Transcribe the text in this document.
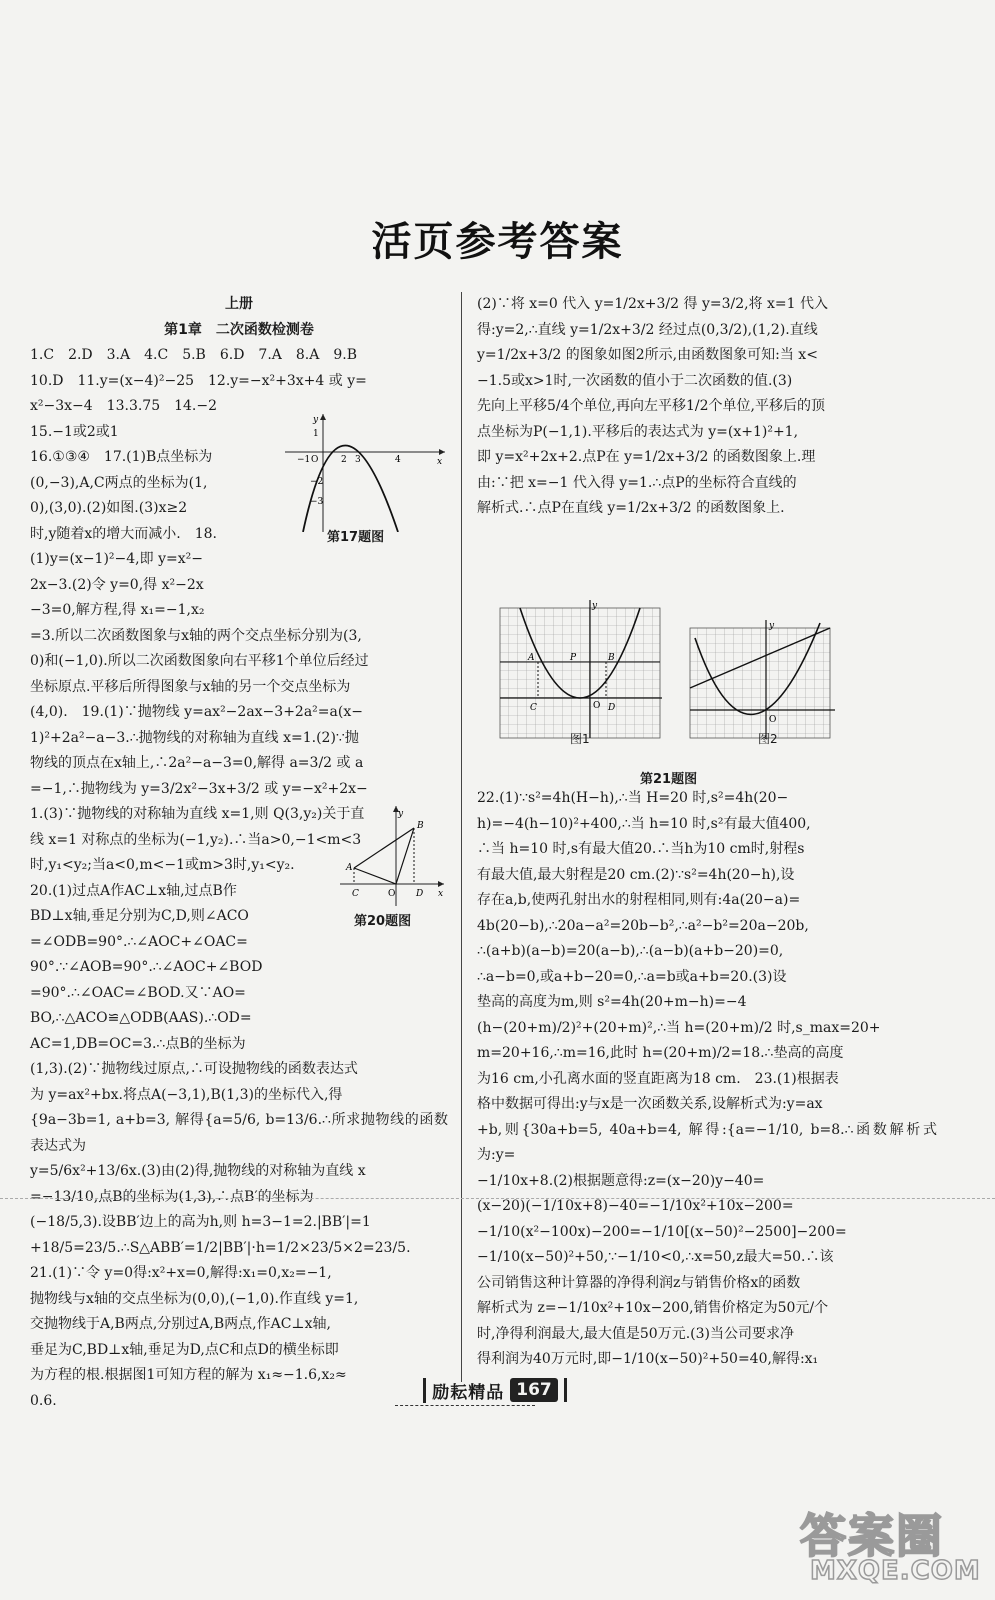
活页参考答案

上册

第1章　二次函数检测卷

1.C　2.D　3.A　4.C　5.B　6.D　7.A　8.A　9.B

10.D　11.y=(x−4)²−25　12.y=−x²+3x+4 或 y=

x²−3x−4　13.3.75　14.−2

15.−1或2或1

16.①③④　17.(1)B点坐标为

(0,−3),A,C两点的坐标为(1,

0),(3,0).(2)如图.(3)x≥2

时,y随着x的增大而减小.　18.

(1)y=(x−1)²−4,即 y=x²−

2x−3.(2)令 y=0,得 x²−2x

−3=0,解方程,得 x₁=−1,x₂

=3.所以二次函数图象与x轴的两个交点坐标分别为(3,

0)和(−1,0).所以二次函数图象向右平移1个单位后经过

坐标原点.平移后所得图象与x轴的另一个交点坐标为

(4,0).　19.(1)∵抛物线 y=ax²−2ax−3+2a²=a(x−

1)²+2a²−a−3.∴抛物线的对称轴为直线 x=1.(2)∵抛

物线的顶点在x轴上,∴2a²−a−3=0,解得 a=3/2 或 a

=−1,∴抛物线为 y=3/2x²−3x+3/2 或 y=−x²+2x−

1.(3)∵抛物线的对称轴为直线 x=1,则 Q(3,y₂)关于直

线 x=1 对称点的坐标为(−1,y₂).∴当a>0,−1<m<3

时,y₁<y₂;当a<0,m<−1或m>3时,y₁<y₂.

20.(1)过点A作AC⊥x轴,过点B作

BD⊥x轴,垂足分别为C,D,则∠ACO

=∠ODB=90°.∴∠AOC+∠OAC=

90°.∵∠AOB=90°.∴∠AOC+∠BOD

=90°.∴∠OAC=∠BOD.又∵AO=

BO,∴△ACO≌△ODB(AAS).∴OD=

AC=1,DB=OC=3.∴点B的坐标为

(1,3).(2)∵抛物线过原点,∴可设抛物线的函数表达式

为 y=ax²+bx.将点A(−3,1),B(1,3)的坐标代入,得

{9a−3b=1, a+b=3, 解得{a=5/6, b=13/6.∴所求抛物线的函数表达式为

y=5/6x²+13/6x.(3)由(2)得,抛物线的对称轴为直线 x

=−13/10,点B的坐标为(1,3),∴点B′的坐标为

(−18/5,3).设BB′边上的高为h,则 h=3−1=2.|BB′|=1

+18/5=23/5.∴S△ABB′=1/2|BB′|·h=1/2×23/5×2=23/5.

21.(1)∵令 y=0得:x²+x=0,解得:x₁=0,x₂=−1,

抛物线与x轴的交点坐标为(0,0),(−1,0).作直线 y=1,

交抛物线于A,B两点,分别过A,B两点,作AC⊥x轴,

垂足为C,BD⊥x轴,垂足为D,点C和点D的横坐标即

为方程的根.根据图1可知方程的解为 x₁≈−1.6,x₂≈

0.6.

x
y
O	2 3	4
−1
1
−2
−3
第17题图
A
B
C	D
O
y
x
第20题图

(2)∵将 x=0 代入 y=1/2x+3/2 得 y=3/2,将 x=1 代入

得:y=2,∴直线 y=1/2x+3/2 经过点(0,3/2),(1,2).直线

y=1/2x+3/2 的图象如图2所示,由函数图象可知:当 x<

−1.5或x>1时,一次函数的值小于二次函数的值.(3)

先向上平移5/4个单位,再向左平移1/2个单位,平移后的顶

点坐标为P(−1,1).平移后的表达式为 y=(x+1)²+1,

即 y=x²+2x+2.点P在 y=1/2x+3/2 的函数图象上.理

由:∵把 x=−1 代入得 y=1.∴点P的坐标符合直线的

解析式.∴点P在直线 y=1/2x+3/2 的函数图象上.

A	P	B
C	D
O
y
y
O
图1	图2
第21题图

22.(1)∵s²=4h(H−h),∴当 H=20 时,s²=4h(20−

h)=−4(h−10)²+400,∴当 h=10 时,s²有最大值400,

∴当 h=10 时,s有最大值20.∴当h为10 cm时,射程s

有最大值,最大射程是20 cm.(2)∵s²=4h(20−h),设

存在a,b,使两孔射出水的射程相同,则有:4a(20−a)=

4b(20−b),∴20a−a²=20b−b²,∴a²−b²=20a−20b,

∴(a+b)(a−b)=20(a−b),∴(a−b)(a+b−20)=0,

∴a−b=0,或a+b−20=0,∴a=b或a+b=20.(3)设

垫高的高度为m,则 s²=4h(20+m−h)=−4

(h−(20+m)/2)²+(20+m)²,∴当 h=(20+m)/2 时,s_max=20+

m=20+16,∴m=16,此时 h=(20+m)/2=18.∴垫高的高度

为16 cm,小孔离水面的竖直距离为18 cm.　23.(1)根据表

格中数据可得出:y与x是一次函数关系,设解析式为:y=ax

+b,则{30a+b=5, 40a+b=4, 解得:{a=−1/10, b=8.∴函数解析式为:y=

−1/10x+8.(2)根据题意得:z=(x−20)y−40=

(x−20)(−1/10x+8)−40=−1/10x²+10x−200=

−1/10(x²−100x)−200=−1/10[(x−50)²−2500]−200=

−1/10(x−50)²+50,∵−1/10<0,∴x=50,z最大=50.∴该

公司销售这种计算器的净得利润z与销售价格x的函数

解析式为 z=−1/10x²+10x−200,销售价格定为50元/个

时,净得利润最大,最大值是50万元.(3)当公司要求净

得利润为40万元时,即−1/10(x−50)²+50=40,解得:x₁

励耘精品 167
答案圈
MXQE.COM
